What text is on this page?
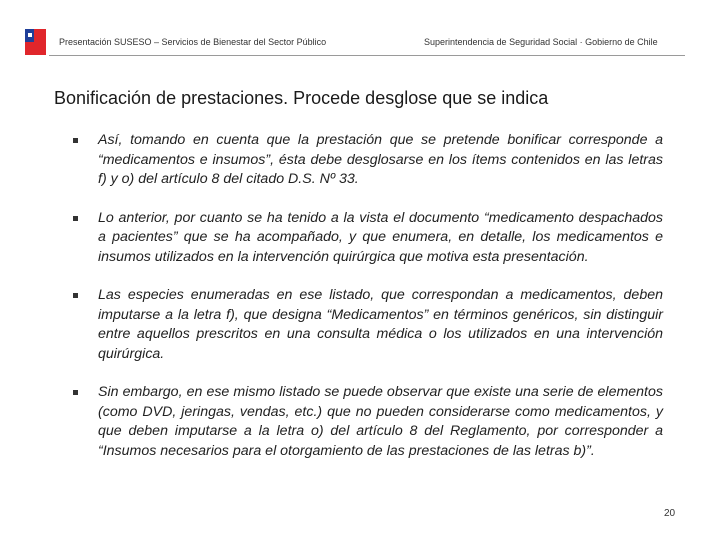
Presentación SUSESO – Servicios de Bienestar del Sector Público	Superintendencia de Seguridad Social · Gobierno de Chile
Bonificación de prestaciones. Procede desglose que se indica
Así, tomando en cuenta que la prestación que se pretende bonificar corresponde a “medicamentos e insumos”, ésta debe desglosarse en los ítems contenidos en las letras f) y o) del artículo 8 del citado D.S. Nº 33.
Lo anterior, por cuanto se ha tenido a la vista el documento “medicamento despachados a pacientes” que se ha acompañado, y que enumera, en detalle, los medicamentos e insumos utilizados en la intervención quirúrgica que motiva esta presentación.
Las especies enumeradas en ese listado, que correspondan a medicamentos, deben imputarse a la letra f), que designa “Medicamentos” en términos genéricos, sin distinguir entre aquellos prescritos en una consulta médica o los utilizados en una intervención quirúrgica.
Sin embargo, en ese mismo listado se puede observar que existe una serie de elementos (como DVD, jeringas, vendas, etc.) que no pueden considerarse como medicamentos, y que deben imputarse a la letra o) del artículo 8 del Reglamento, por corresponder a “Insumos necesarios para el otorgamiento de las prestaciones de las letras b)”.
20
